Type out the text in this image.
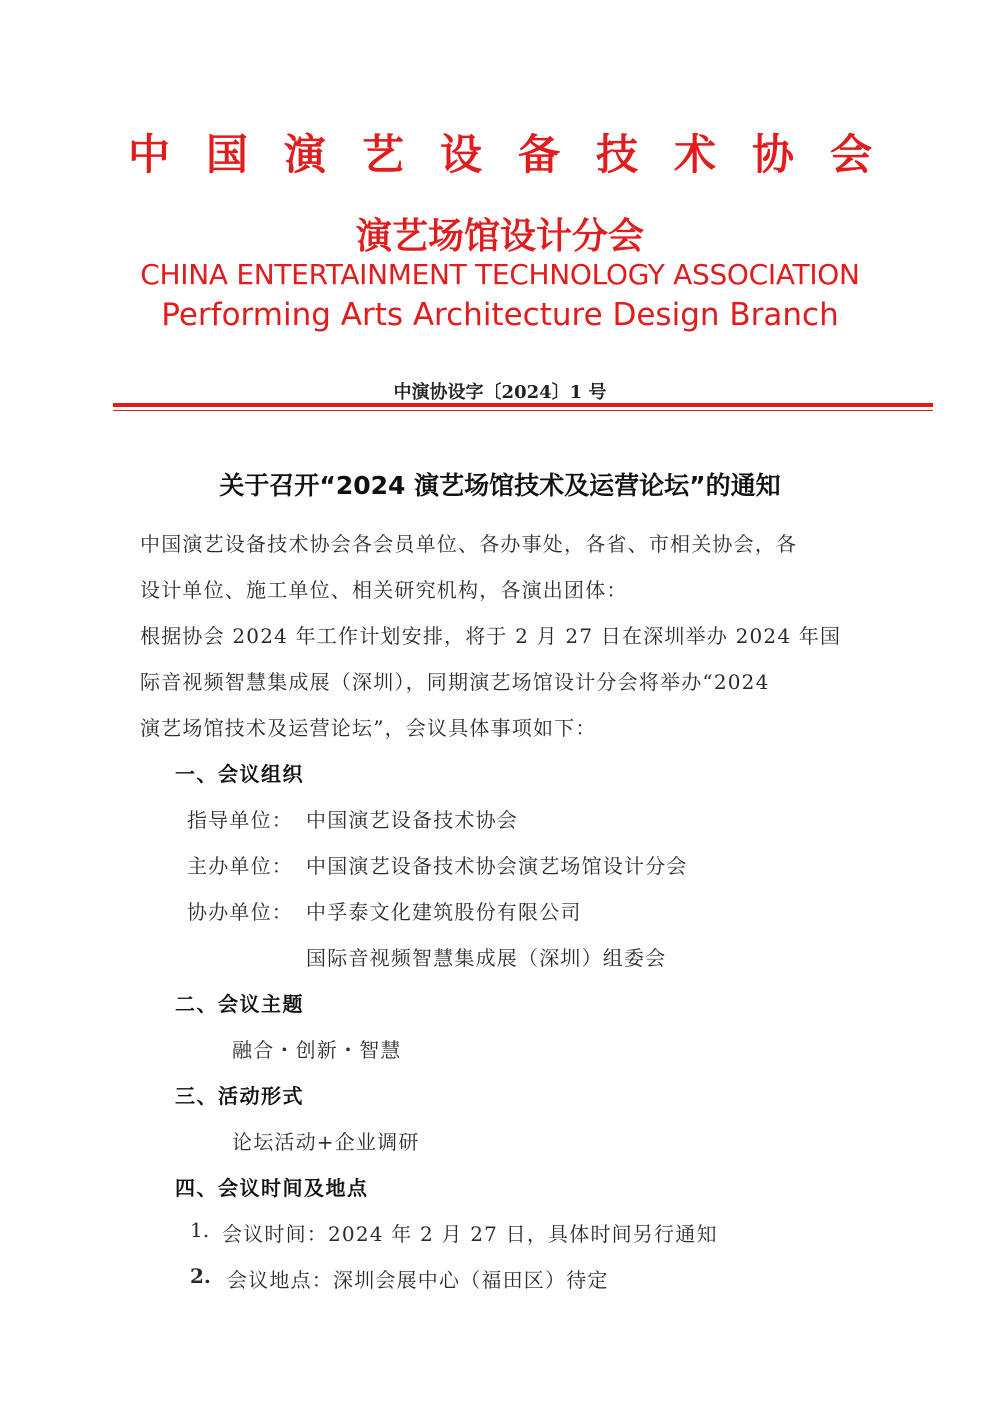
中国演艺设备技术协会
演艺场馆设计分会
CHINA ENTERTAINMENT TECHNOLOGY ASSOCIATION
Performing Arts Architecture Design Branch
中演协设字〔2024〕1 号
关于召开“2024 演艺场馆技术及运营论坛”的通知
中国演艺设备技术协会各会员单位、各办事处，各省、市相关协会，各
设计单位、施工单位、相关研究机构，各演出团体：
根据协会 2024 年工作计划安排，将于 2 月 27 日在深圳举办 2024 年国
际音视频智慧集成展（深圳），同期演艺场馆设计分会将举办“2024
演艺场馆技术及运营论坛”，会议具体事项如下：
一、会议组织
指导单位： 中国演艺设备技术协会
主办单位： 中国演艺设备技术协会演艺场馆设计分会
协办单位： 中孚泰文化建筑股份有限公司
国际音视频智慧集成展（深圳）组委会
二、会议主题
融合・创新・智慧
三、活动形式
论坛活动+企业调研
四、会议时间及地点
1. 会议时间：2024 年 2 月 27 日，具体时间另行通知
2. 会议地点：深圳会展中心（福田区）待定
